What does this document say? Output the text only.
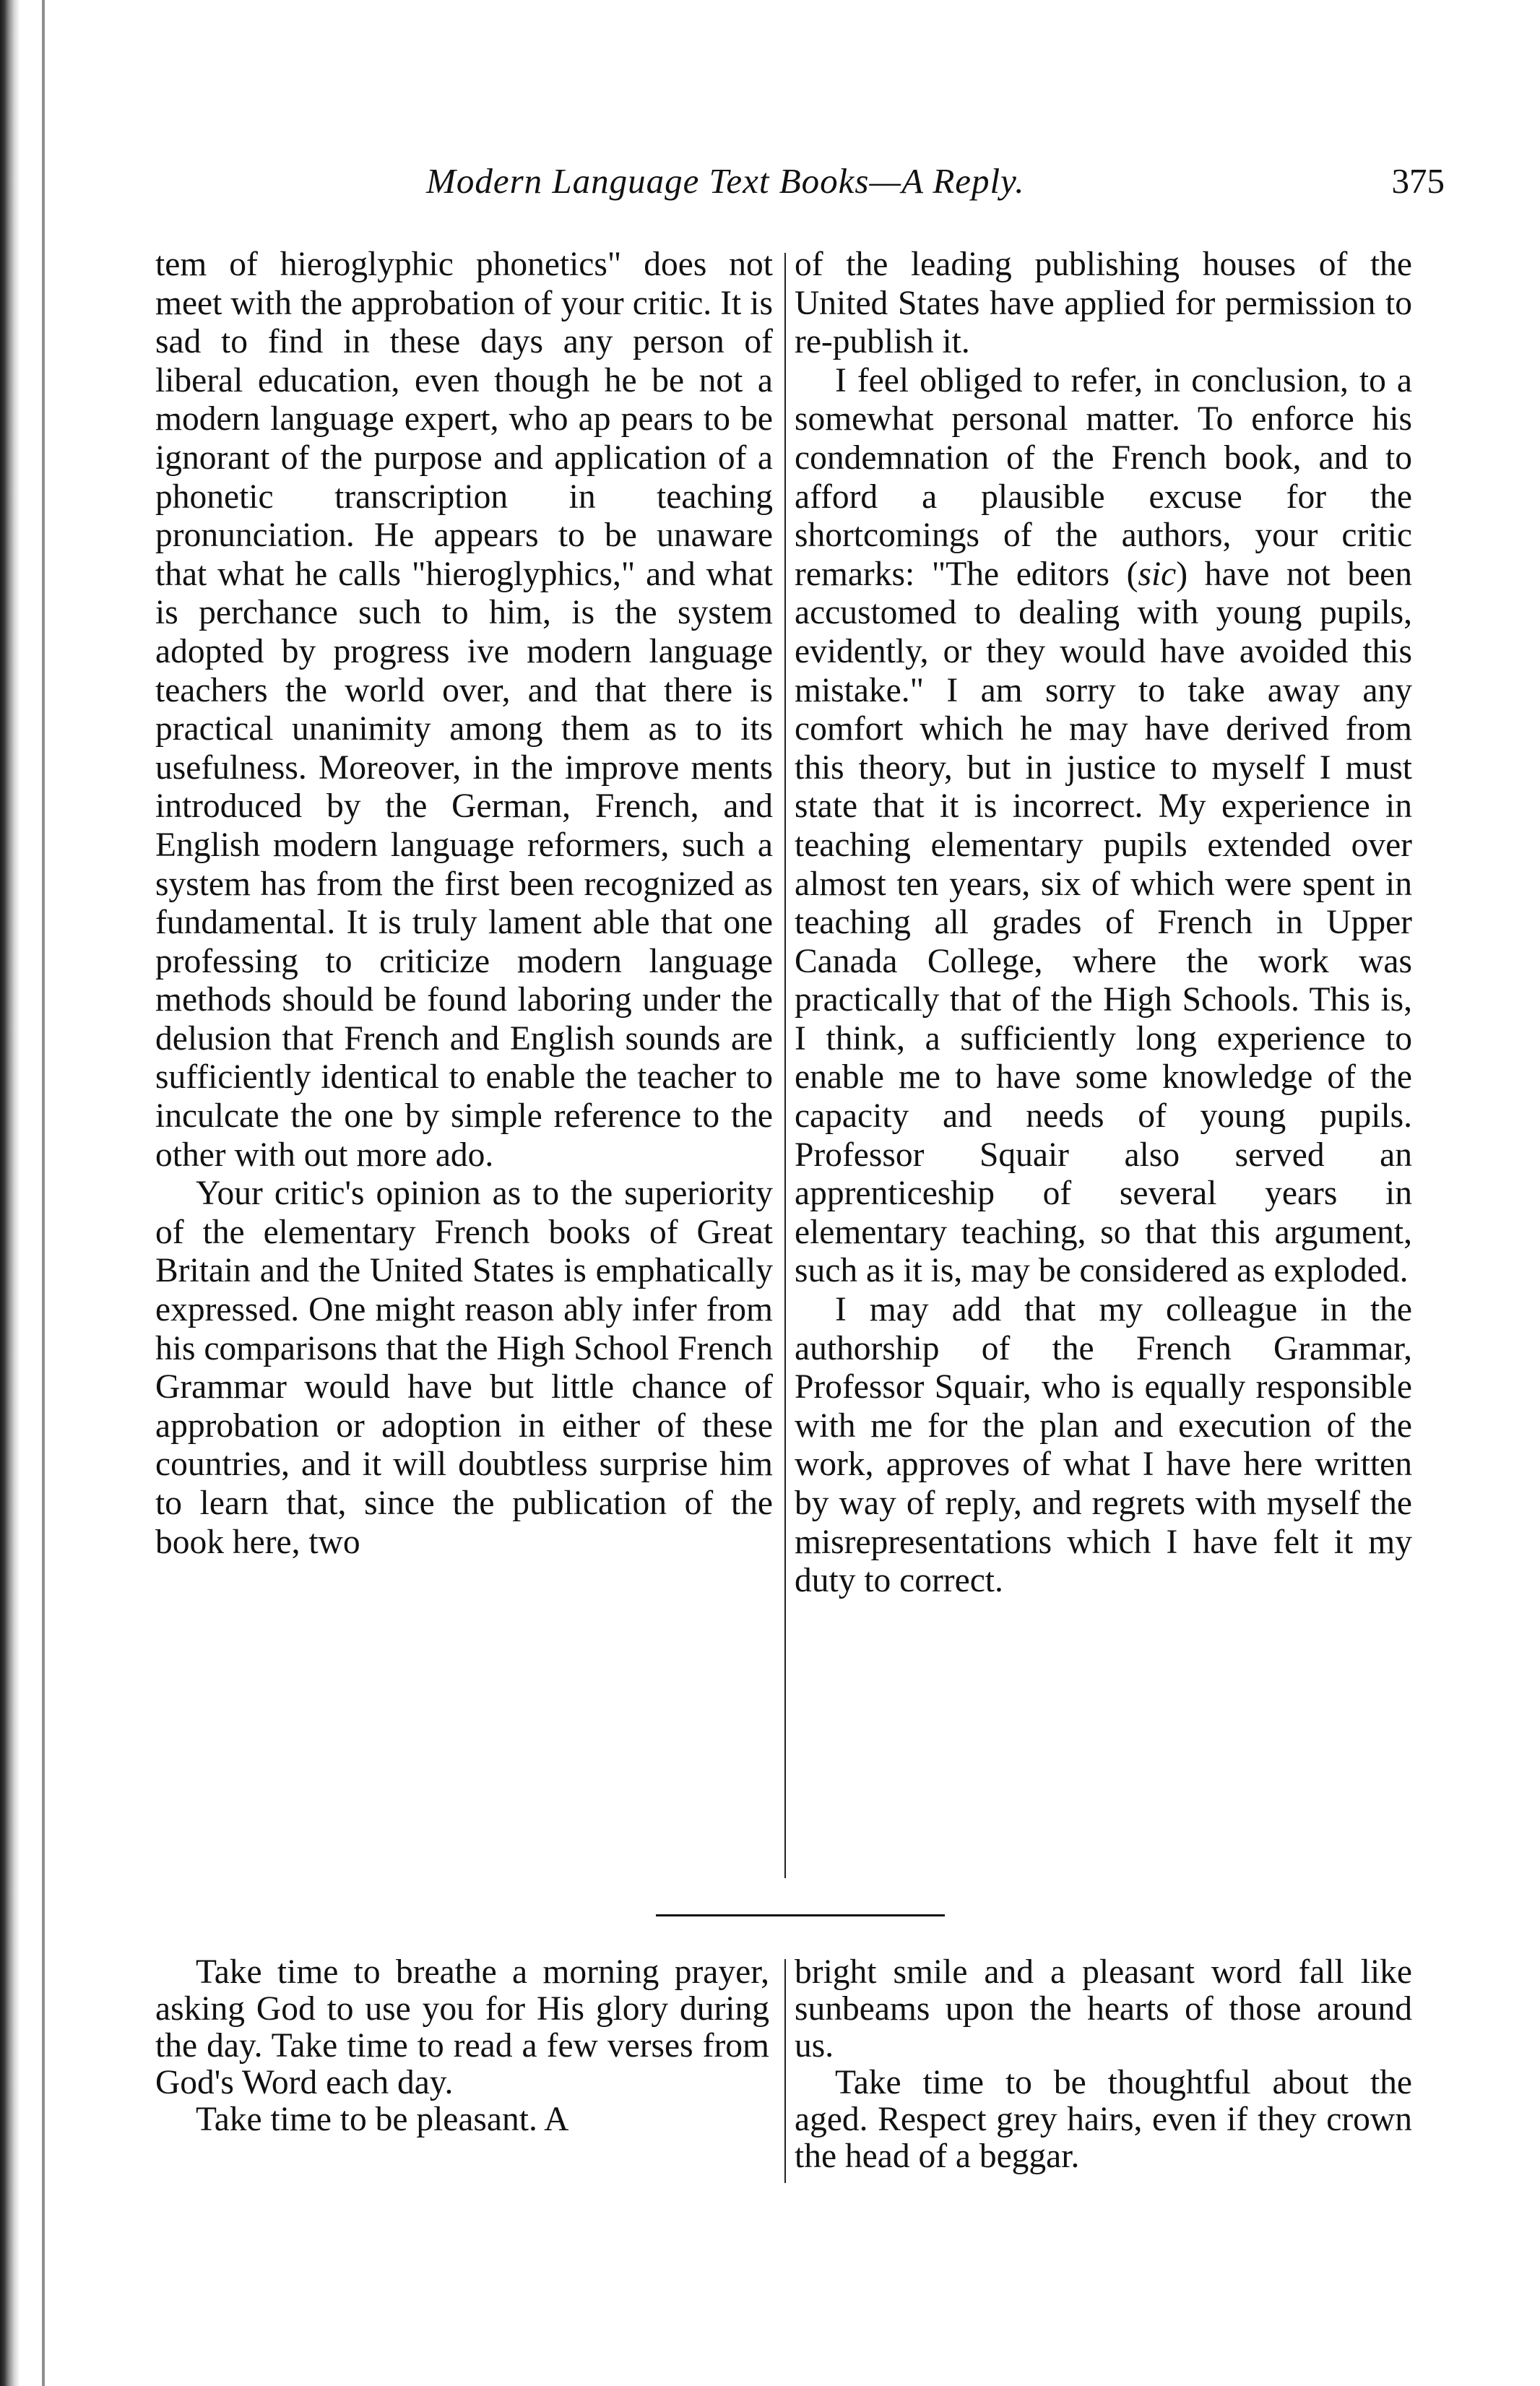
Modern Language Text Books—A Reply.	375

tem of hieroglyphic phonetics" does not meet with the approbation of your critic. It is sad to find in these days any person of liberal education, even though he be not a modern language expert, who ap pears to be ignorant of the purpose and application of a phonetic transcription in teaching pronunciation. He appears to be unaware that what he calls "hieroglyphics," and what is perchance such to him, is the system adopted by progress ive modern language teachers the world over, and that there is practical unanimity among them as to its usefulness. Moreover, in the improve ments introduced by the German, French, and English modern language reformers, such a system has from the first been recognized as fundamental. It is truly lament able that one professing to criticize modern language methods should be found laboring under the delusion that French and English sounds are sufficiently identical to enable the teacher to inculcate the one by simple reference to the other with out more ado.

Your critic's opinion as to the superiority of the elementary French books of Great Britain and the United States is emphatically expressed. One might reason ably infer from his comparisons that the High School French Grammar would have but little chance of approbation or adoption in either of these countries, and it will doubtless surprise him to learn that, since the publication of the book here, two

of the leading publishing houses of the United States have applied for permission to re-publish it.

I feel obliged to refer, in conclusion, to a somewhat personal matter. To enforce his condemnation of the French book, and to afford a plausible excuse for the shortcomings of the authors, your critic remarks: "The editors (sic) have not been accustomed to dealing with young pupils, evidently, or they would have avoided this mistake." I am sorry to take away any comfort which he may have derived from this theory, but in justice to myself I must state that it is incorrect. My experience in teaching elementary pupils extended over almost ten years, six of which were spent in teaching all grades of French in Upper Canada College, where the work was practically that of the High Schools. This is, I think, a sufficiently long experience to enable me to have some knowledge of the capacity and needs of young pupils. Professor Squair also served an apprenticeship of several years in elementary teaching, so that this argument, such as it is, may be considered as exploded.

I may add that my colleague in the authorship of the French Grammar, Professor Squair, who is equally responsible with me for the plan and execution of the work, approves of what I have here written by way of reply, and regrets with myself the misrepresentations which I have felt it my duty to correct.

Take time to breathe a morning prayer, asking God to use you for His glory during the day. Take time to read a few verses from God's Word each day.

Take time to be pleasant. A

bright smile and a pleasant word fall like sunbeams upon the hearts of those around us.

Take time to be thoughtful about the aged. Respect grey hairs, even if they crown the head of a beggar.
